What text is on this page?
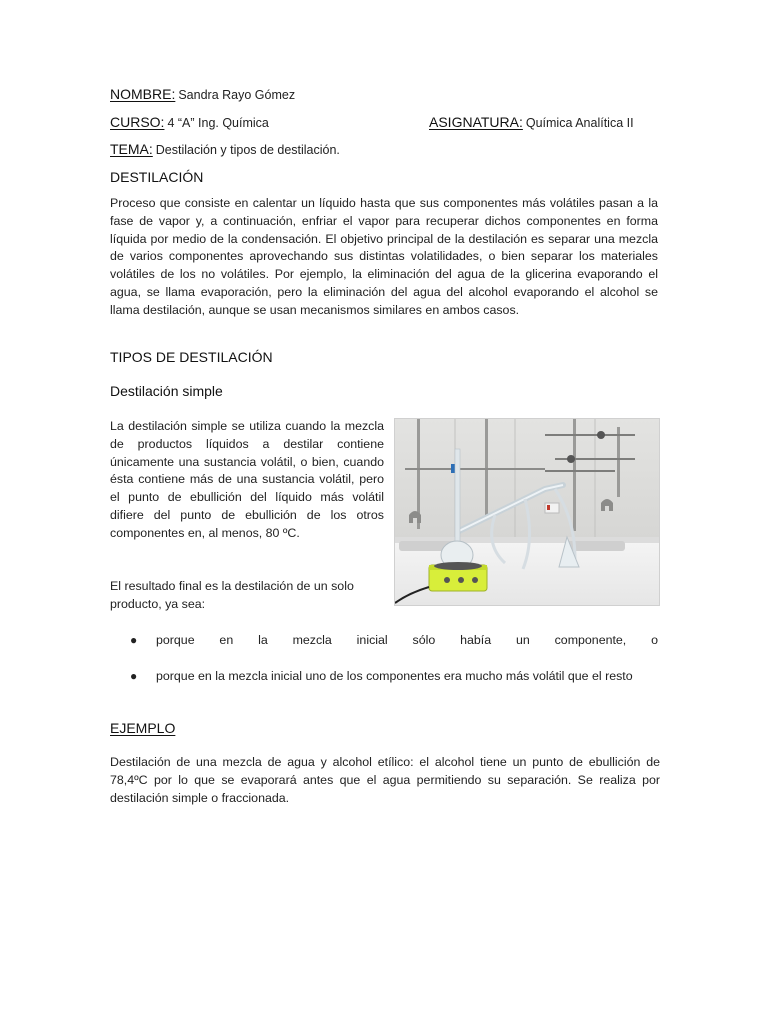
NOMBRE: Sandra Rayo Gómez
CURSO: 4 “A” Ing. Química	ASIGNATURA: Química Analítica II
TEMA: Destilación y tipos de destilación.
DESTILACIÓN

Proceso que consiste en calentar un líquido hasta que sus componentes más volátiles pasan a la fase de vapor y, a continuación, enfriar el vapor para recuperar dichos componentes en forma líquida por medio de la condensación. El objetivo principal de la destilación es separar una mezcla de varios componentes aprovechando sus distintas volatilidades, o bien separar los materiales volátiles de los no volátiles. Por ejemplo, la eliminación del agua de la glicerina evaporando el agua, se llama evaporación, pero la eliminación del agua del alcohol evaporando el alcohol se llama destilación, aunque se usan mecanismos similares en ambos casos.

TIPOS DE DESTILACIÓN
Destilación simple

La destilación simple se utiliza cuando la mezcla de productos líquidos a destilar contiene únicamente una sustancia volátil, o bien, cuando ésta contiene más de una sustancia volátil, pero el punto de ebullición del líquido más volátil difiere del punto de ebullición de los otros componentes en, al menos, 80 ºC.

El resultado final es la destilación de un solo producto, ya sea:

● porque en la mezcla inicial sólo había un componente, o
● porque en la mezcla inicial uno de los componentes era mucho más volátil que el resto
EJEMPLO

Destilación de una mezcla de agua y alcohol etílico: el alcohol tiene un punto de ebullición de 78,4ºC por lo que se evaporará antes que el agua permitiendo su separación. Se realiza por destilación simple o fraccionada.
